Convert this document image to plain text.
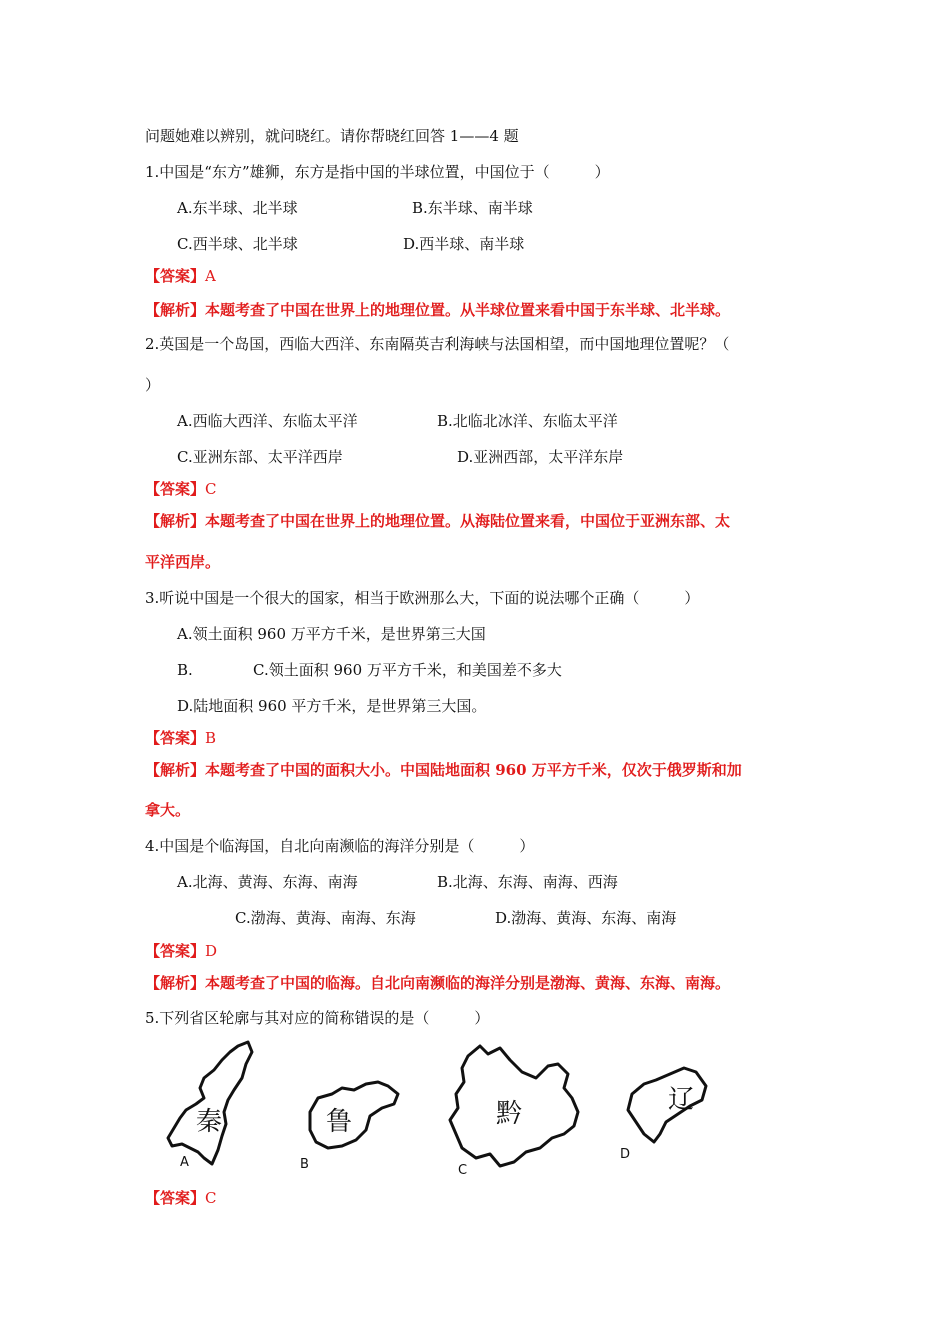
问题她难以辨别，就问晓红。请你帮晓红回答 1——4 题
1.中国是“东方”雄狮，东方是指中国的半球位置，中国位于（　　　）
A.东半球、北半球	B.东半球、南半球
C.西半球、北半球	D.西半球、南半球
【答案】A
【解析】本题考查了中国在世界上的地理位置。从半球位置来看中国于东半球、北半球。
2.英国是一个岛国，西临大西洋、东南隔英吉利海峡与法国相望，而中国地理位置呢？（
）
A.西临大西洋、东临太平洋	B.北临北冰洋、东临太平洋
C.亚洲东部、太平洋西岸	D.亚洲西部，太平洋东岸
【答案】C
【解析】本题考查了中国在世界上的地理位置。从海陆位置来看，中国位于亚洲东部、太
平洋西岸。
3.听说中国是一个很大的国家，相当于欧洲那么大，下面的说法哪个正确（　　　）
A.领土面积 960 万平方千米，是世界第三大国
B.	C.领土面积 960 万平方千米，和美国差不多大
D.陆地面积 960 平方千米，是世界第三大国。
【答案】B
【解析】本题考查了中国的面积大小。中国陆地面积 960 万平方千米，仅次于俄罗斯和加
拿大。
4.中国是个临海国，自北向南濒临的海洋分别是（　　　）
A.北海、黄海、东海、南海	B.北海、东海、南海、西海
C.渤海、黄海、南海、东海	D.渤海、黄海、东海、南海
【答案】D
【解析】本题考查了中国的临海。自北向南濒临的海洋分别是渤海、黄海、东海、南海。
5.下列省区轮廓与其对应的简称错误的是（　　　）
秦
A
鲁
B
黔
C
辽
D
【答案】C
